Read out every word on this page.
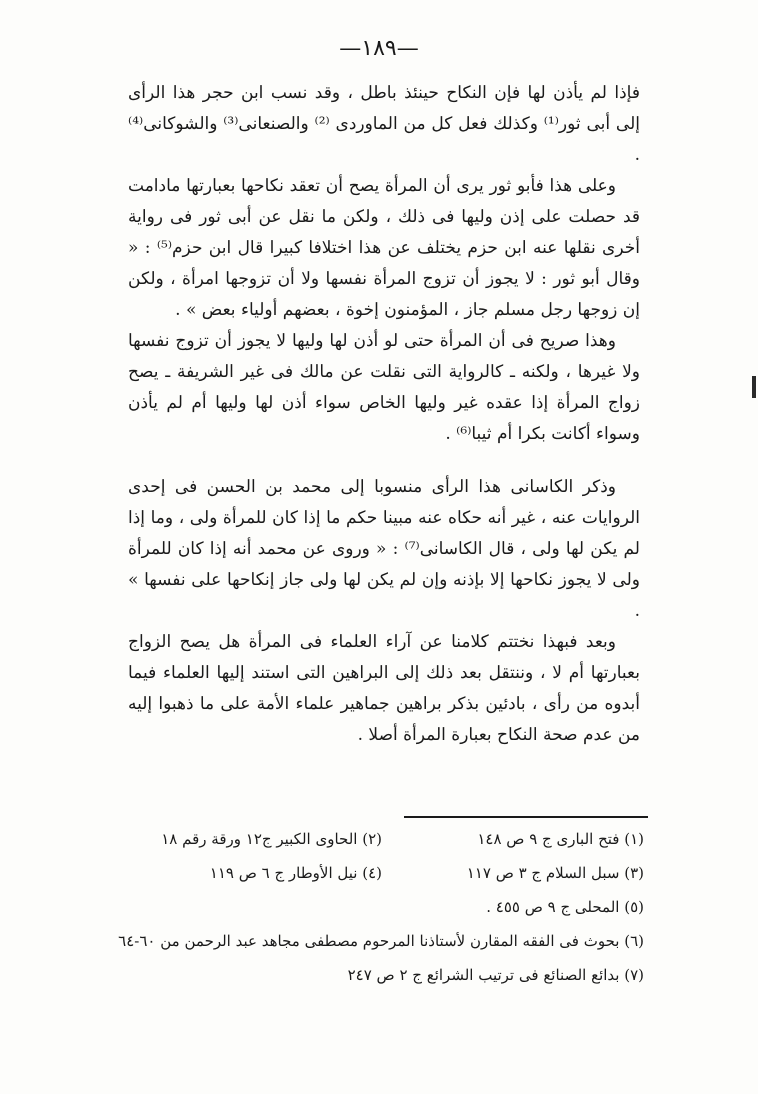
—١٨٩—

فإذا لم يأذن لها فإن النكاح حينئذ باطل ، وقد نسب ابن حجر هذا الرأى إلى أبى ثور⁽¹⁾ وكذلك فعل كل من الماوردى ⁽²⁾ والصنعانى⁽³⁾ والشوكانى⁽⁴⁾ .

وعلى هذا فأبو ثور يرى أن المرأة يصح أن تعقد نكاحها بعبارتها مادامت قد حصلت على إذن وليها فى ذلك ، ولكن ما نقل عن أبى ثور فى رواية أخرى نقلها عنه ابن حزم يختلف عن هذا اختلافا كبيرا قال ابن حزم⁽⁵⁾ : « وقال أبو ثور : لا يجوز أن تزوج المرأة نفسها ولا أن تزوجها امرأة ، ولكن إن زوجها رجل مسلم جاز ، المؤمنون إخوة ، بعضهم أولياء بعض » .

وهذا صريح فى أن المرأة حتى لو أذن لها وليها لا يجوز أن تزوج نفسها ولا غيرها ، ولكنه ـ كالرواية التى نقلت عن مالك فى غير الشريفة ـ يصح زواج المرأة إذا عقده غير وليها الخاص سواء أذن لها وليها أم لم يأذن وسواء أكانت بكرا أم ثيبا⁽⁶⁾ .

وذكر الكاسانى هذا الرأى منسوبا إلى محمد بن الحسن فى إحدى الروايات عنه ، غير أنه حكاه عنه مبينا حكم ما إذا كان للمرأة ولى ، وما إذا لم يكن لها ولى ، قال الكاسانى⁽⁷⁾ : « وروى عن محمد أنه إذا كان للمرأة ولى لا يجوز نكاحها إلا بإذنه وإن لم يكن لها ولى جاز إنكاحها على نفسها » .

وبعد فبهذا نختتم كلامنا عن آراء العلماء فى المرأة هل يصح الزواج بعبارتها أم لا ، وننتقل بعد ذلك إلى البراهين التى استند إليها العلماء فيما أبدوه من رأى ، بادئين بذكر براهين جماهير علماء الأمة على ما ذهبوا إليه من عدم صحة النكاح بعبارة المرأة أصلا .

(١) فتح البارى ج ٩ ص ١٤٨
(٢) الحاوى الكبير ج١٢ ورقة رقم ١٨
(٣) سبل السلام ج ٣ ص ١١٧
(٤) نيل الأوطار ج ٦ ص ١١٩
(٥) المحلى ج ٩ ص ٤٥٥ .
(٦) بحوث فى الفقه المقارن لأستاذنا المرحوم مصطفى مجاهد عبد الرحمن من ٦٠-٦٤
(٧) بدائع الصنائع فى ترتيب الشرائع ج ٢ ص ٢٤٧
